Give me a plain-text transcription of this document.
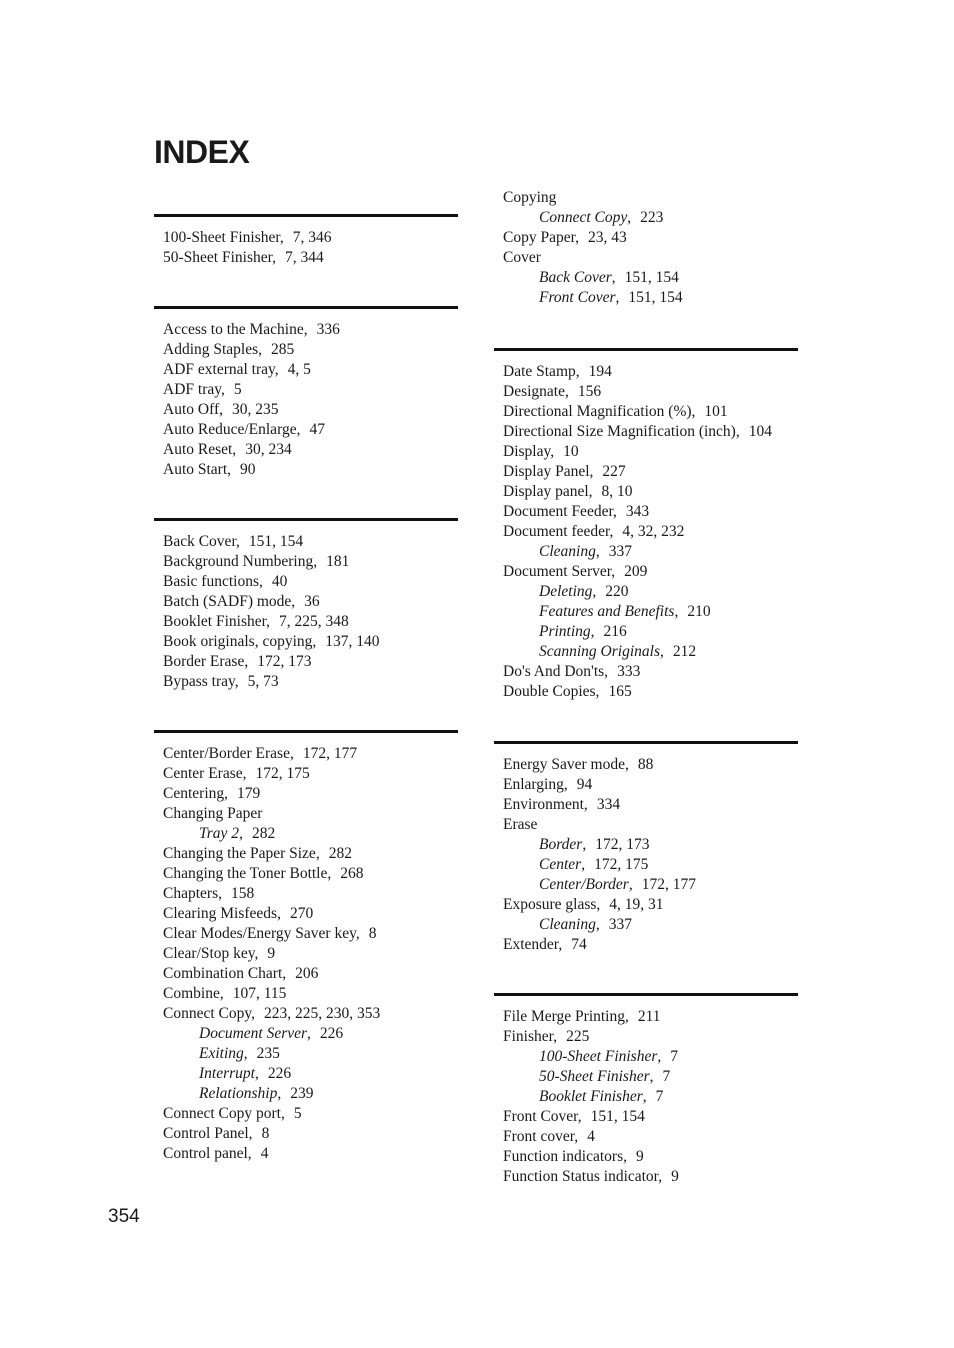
INDEX
100-Sheet Finisher, 7, 346
50-Sheet Finisher, 7, 344
Access to the Machine, 336
Adding Staples, 285
ADF external tray, 4, 5
ADF tray, 5
Auto Off, 30, 235
Auto Reduce/Enlarge, 47
Auto Reset, 30, 234
Auto Start, 90
Back Cover, 151, 154
Background Numbering, 181
Basic functions, 40
Batch (SADF) mode, 36
Booklet Finisher, 7, 225, 348
Book originals, copying, 137, 140
Border Erase, 172, 173
Bypass tray, 5, 73
Center/Border Erase, 172, 177
Center Erase, 172, 175
Centering, 179
Changing Paper
Tray 2, 282
Changing the Paper Size, 282
Changing the Toner Bottle, 268
Chapters, 158
Clearing Misfeeds, 270
Clear Modes/Energy Saver key, 8
Clear/Stop key, 9
Combination Chart, 206
Combine, 107, 115
Connect Copy, 223, 225, 230, 353
Document Server, 226
Exiting, 235
Interrupt, 226
Relationship, 239
Connect Copy port, 5
Control Panel, 8
Control panel, 4
Copying
Connect Copy, 223
Copy Paper, 23, 43
Cover
Back Cover, 151, 154
Front Cover, 151, 154
Date Stamp, 194
Designate, 156
Directional Magnification (%), 101
Directional Size Magnification (inch), 104
Display, 10
Display Panel, 227
Display panel, 8, 10
Document Feeder, 343
Document feeder, 4, 32, 232
Cleaning, 337
Document Server, 209
Deleting, 220
Features and Benefits, 210
Printing, 216
Scanning Originals, 212
Do's And Don'ts, 333
Double Copies, 165
Energy Saver mode, 88
Enlarging, 94
Environment, 334
Erase
Border, 172, 173
Center, 172, 175
Center/Border, 172, 177
Exposure glass, 4, 19, 31
Cleaning, 337
Extender, 74
File Merge Printing, 211
Finisher, 225
100-Sheet Finisher, 7
50-Sheet Finisher, 7
Booklet Finisher, 7
Front Cover, 151, 154
Front cover, 4
Function indicators, 9
Function Status indicator, 9
354
